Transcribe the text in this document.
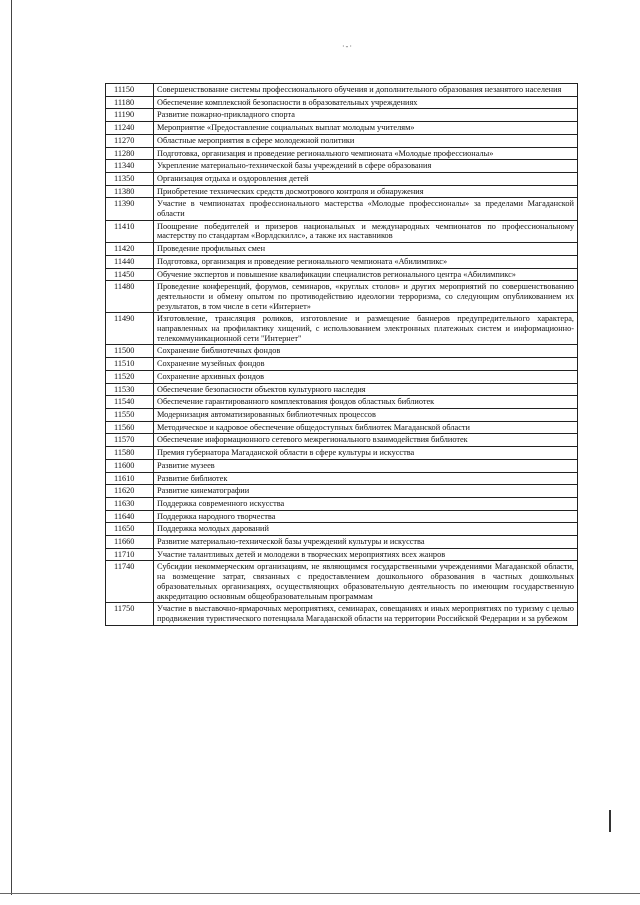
·-·
11150	Совершенствование системы профессионального обучения и дополнительного образования незанятого населения
11180	Обеспечение комплексной безопасности в образовательных учреждениях
11190	Развитие пожарно-прикладного спорта
11240	Мероприятие «Предоставление социальных выплат молодым учителям»
11270	Областные мероприятия в сфере молодежной политики
11280	Подготовка, организация и проведение регионального чемпионата «Молодые профессионалы»
11340	Укрепление материально-технической базы учреждений в сфере образования
11350	Организация отдыха и оздоровления детей
11380	Приобретение технических средств досмотрового контроля и обнаружения
11390	Участие в чемпионатах профессионального мастерства «Молодые профессионалы» за пределами Магаданской области
11410	Поощрение победителей и призеров национальных и международных чемпионатов по профессиональному мастерству по стандартам «Ворлдскиллс», а также их наставников
11420	Проведение профильных смен
11440	Подготовка, организация и проведение регионального чемпионата «Абилимпикс»
11450	Обучение экспертов и повышение квалификации специалистов регионального центра «Абилимпикс»
11480	Проведение конференций, форумов, семинаров, «круглых столов» и других мероприятий по совершенствованию деятельности и обмену опытом по противодействию идеологии терроризма, со следующим опубликованием их результатов, в том числе в сети «Интернет»
11490	Изготовление, трансляция роликов, изготовление и размещение баннеров предупредительного характера, направленных на профилактику хищений, с использованием электронных платежных систем и информационно-телекоммуникационной сети "Интернет"
11500	Сохранение библиотечных фондов
11510	Сохранение музейных фондов
11520	Сохранение архивных фондов
11530	Обеспечение безопасности объектов культурного наследия
11540	Обеспечение гарантированного комплектования фондов областных библиотек
11550	Модернизация автоматизированных библиотечных процессов
11560	Методическое и кадровое обеспечение общедоступных библиотек Магаданской области
11570	Обеспечение информационного сетевого межрегионального взаимодействия библиотек
11580	Премия губернатора Магаданской области в сфере культуры и искусства
11600	Развитие музеев
11610	Развитие библиотек
11620	Развитие кинематографии
11630	Поддержка современного искусства
11640	Поддержка народного творчества
11650	Поддержка молодых дарований
11660	Развитие материально-технической базы учреждений культуры и искусства
11710	Участие талантливых детей и молодежи в творческих мероприятиях всех жанров
11740	Субсидии некоммерческим организациям, не являющимся государственными учреждениями Магаданской области, на возмещение затрат, связанных с предоставлением дошкольного образования в частных дошкольных образовательных организациях, осуществляющих образовательную деятельность по имеющим государственную аккредитацию основным общеобразовательным программам
11750	Участие в выставочно-ярмарочных мероприятиях, семинарах, совещаниях и иных мероприятиях по туризму с целью продвижения туристического потенциала Магаданской области на территории Российской Федерации и за рубежом
